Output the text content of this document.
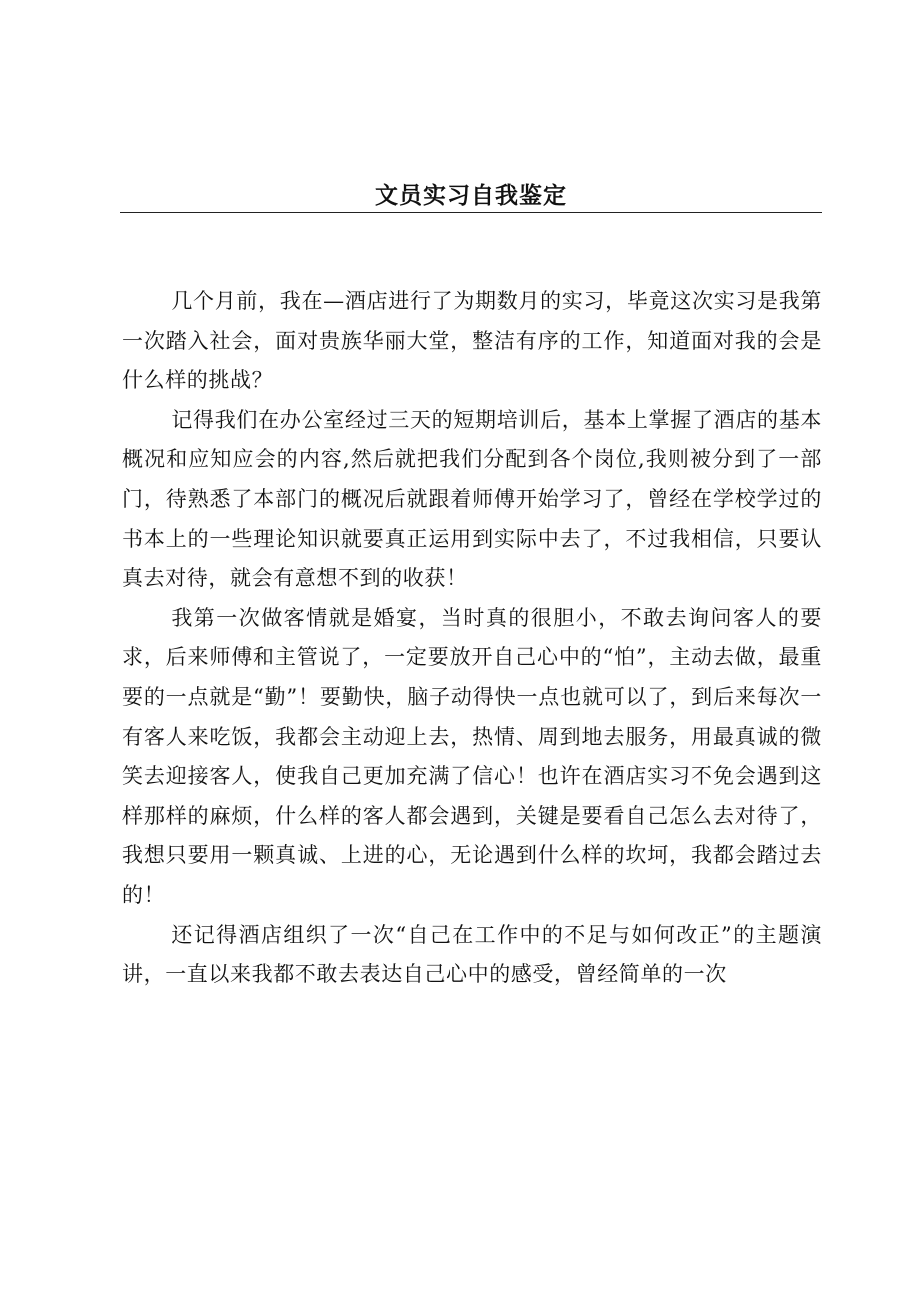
文员实习自我鉴定

几个月前，我在—酒店进行了为期数月的实习，毕竟这次实习是我第一次踏入社会，面对贵族华丽大堂，整洁有序的工作，知道面对我的会是什么样的挑战？

记得我们在办公室经过三天的短期培训后，基本上掌握了酒店的基本概况和应知应会的内容,然后就把我们分配到各个岗位,我则被分到了一部门，待熟悉了本部门的概况后就跟着师傅开始学习了，曾经在学校学过的书本上的一些理论知识就要真正运用到实际中去了，不过我相信，只要认真去对待，就会有意想不到的收获！

我第一次做客情就是婚宴，当时真的很胆小，不敢去询问客人的要求，后来师傅和主管说了，一定要放开自己心中的“怕”，主动去做，最重要的一点就是“勤”！要勤快，脑子动得快一点也就可以了，到后来每次一有客人来吃饭，我都会主动迎上去，热情、周到地去服务，用最真诚的微笑去迎接客人，使我自己更加充满了信心！也许在酒店实习不免会遇到这样那样的麻烦，什么样的客人都会遇到，关键是要看自己怎么去对待了，我想只要用一颗真诚、上进的心，无论遇到什么样的坎坷，我都会踏过去的！

还记得酒店组织了一次“自己在工作中的不足与如何改正”的主题演讲，一直以来我都不敢去表达自己心中的感受，曾经简单的一次
